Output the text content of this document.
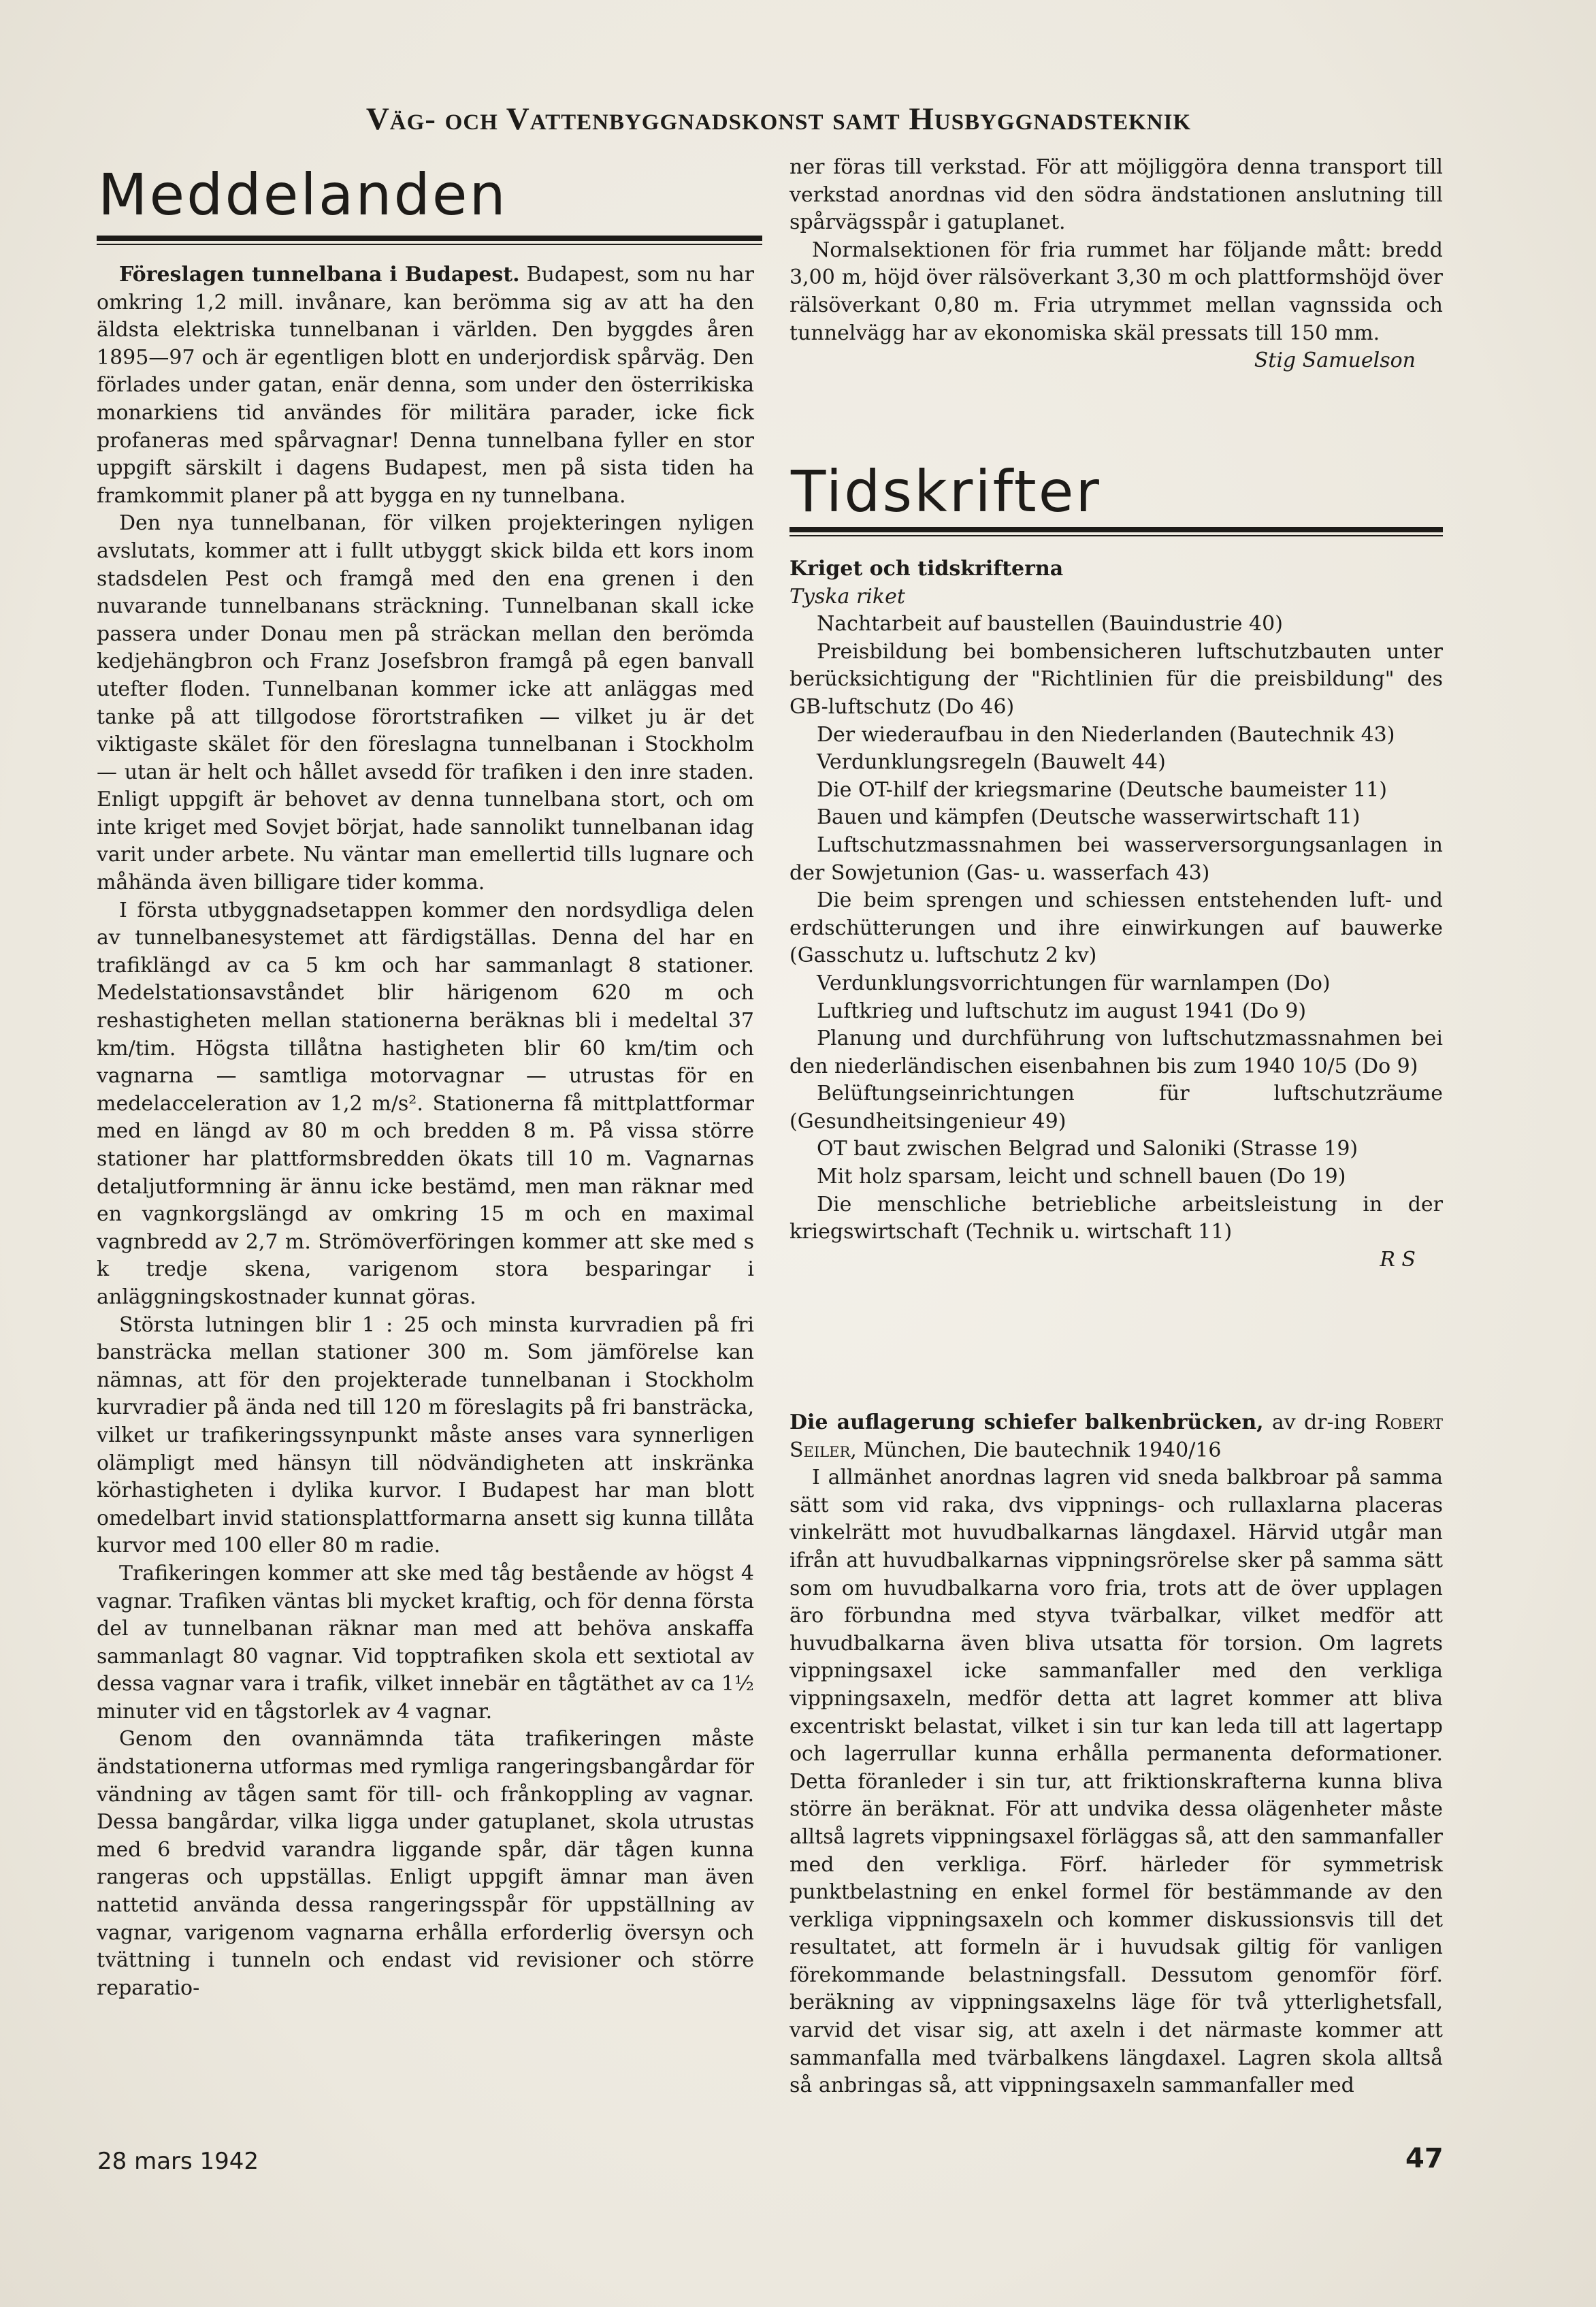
Väg- och Vattenbyggnadskonst samt Husbyggnadsteknik
Meddelanden

Föreslagen tunnelbana i Budapest. Budapest, som nu har omkring 1,2 mill. invånare, kan berömma sig av att ha den äldsta elektriska tunnelbanan i världen. Den byggdes åren 1895—97 och är egentligen blott en underjordisk spårväg. Den förlades under gatan, enär denna, som under den österrikiska monarkiens tid användes för militära parader, icke fick profaneras med spårvagnar! Denna tunnelbana fyller en stor uppgift särskilt i dagens Budapest, men på sista tiden ha framkommit planer på att bygga en ny tunnelbana.

Den nya tunnelbanan, för vilken projekteringen nyligen avslutats, kommer att i fullt utbyggt skick bilda ett kors inom stadsdelen Pest och framgå med den ena grenen i den nuvarande tunnelbanans sträckning. Tunnelbanan skall icke passera under Donau men på sträckan mellan den berömda kedjehängbron och Franz Josefsbron framgå på egen banvall utefter floden. Tunnelbanan kommer icke att anläggas med tanke på att tillgodose förortstrafiken — vilket ju är det viktigaste skälet för den föreslagna tunnelbanan i Stockholm — utan är helt och hållet avsedd för trafiken i den inre staden. Enligt uppgift är behovet av denna tunnelbana stort, och om inte kriget med Sovjet börjat, hade sannolikt tunnelbanan idag varit under arbete. Nu väntar man emellertid tills lugnare och måhända även billigare tider komma.

I första utbyggnadsetappen kommer den nordsydliga delen av tunnelbanesystemet att färdigställas. Denna del har en trafiklängd av ca 5 km och har sammanlagt 8 stationer. Medelstationsavståndet blir härigenom 620 m och reshastigheten mellan stationerna beräknas bli i medeltal 37 km/tim. Högsta tillåtna hastigheten blir 60 km/tim och vagnarna — samtliga motorvagnar — utrustas för en medelacceleration av 1,2 m/s². Stationerna få mittplattformar med en längd av 80 m och bredden 8 m. På vissa större stationer har plattformsbredden ökats till 10 m. Vagnarnas detaljutformning är ännu icke bestämd, men man räknar med en vagnkorgslängd av omkring 15 m och en maximal vagnbredd av 2,7 m. Strömöverföringen kommer att ske med s k tredje skena, varigenom stora besparingar i anläggningskostnader kunnat göras.

Största lutningen blir 1 : 25 och minsta kurvradien på fri bansträcka mellan stationer 300 m. Som jämförelse kan nämnas, att för den projekterade tunnelbanan i Stockholm kurvradier på ända ned till 120 m föreslagits på fri bansträcka, vilket ur trafikeringssynpunkt måste anses vara synnerligen olämpligt med hänsyn till nödvändigheten att inskränka körhastigheten i dylika kurvor. I Budapest har man blott omedelbart invid stationsplattformarna ansett sig kunna tillåta kurvor med 100 eller 80 m radie.

Trafikeringen kommer att ske med tåg bestående av högst 4 vagnar. Trafiken väntas bli mycket kraftig, och för denna första del av tunnelbanan räknar man med att behöva anskaffa sammanlagt 80 vagnar. Vid topptrafiken skola ett sextiotal av dessa vagnar vara i trafik, vilket innebär en tågtäthet av ca 1½ minuter vid en tågstorlek av 4 vagnar.

Genom den ovannämnda täta trafikeringen måste ändstationerna utformas med rymliga rangeringsbangårdar för vändning av tågen samt för till- och frånkoppling av vagnar. Dessa bangårdar, vilka ligga under gatuplanet, skola utrustas med 6 bredvid varandra liggande spår, där tågen kunna rangeras och uppställas. Enligt uppgift ämnar man även nattetid använda dessa rangeringsspår för uppställning av vagnar, varigenom vagnarna erhålla erforderlig översyn och tvättning i tunneln och endast vid revisioner och större reparatio-

ner föras till verkstad. För att möjliggöra denna transport till verkstad anordnas vid den södra ändstationen anslutning till spårvägsspår i gatuplanet.

Normalsektionen för fria rummet har följande mått: bredd 3,00 m, höjd över rälsöverkant 3,30 m och plattformshöjd över rälsöverkant 0,80 m. Fria utrymmet mellan vagnssida och tunnelvägg har av ekonomiska skäl pressats till 150 mm.

Stig Samuelson

Tidskrifter

Kriget och tidskrifterna

Tyska riket

Nachtarbeit auf baustellen (Bauindustrie 40)

Preisbildung bei bombensicheren luftschutzbauten unter berücksichtigung der "Richtlinien für die preisbildung" des GB-luftschutz (Do 46)

Der wiederaufbau in den Niederlanden (Bautechnik 43)

Verdunklungsregeln (Bauwelt 44)

Die OT-hilf der kriegsmarine (Deutsche baumeister 11)

Bauen und kämpfen (Deutsche wasserwirtschaft 11)

Luftschutzmassnahmen bei wasserversorgungsanlagen in der Sowjetunion (Gas- u. wasserfach 43)

Die beim sprengen und schiessen entstehenden luft- und erdschütterungen und ihre einwirkungen auf bauwerke (Gasschutz u. luftschutz 2 kv)

Verdunklungsvorrichtungen für warnlampen (Do)

Luftkrieg und luftschutz im august 1941 (Do 9)

Planung und durchführung von luftschutzmassnahmen bei den niederländischen eisenbahnen bis zum 1940 10/5 (Do 9)

Belüftungseinrichtungen für luftschutzräume (Gesundheitsingenieur 49)

OT baut zwischen Belgrad und Saloniki (Strasse 19)

Mit holz sparsam, leicht und schnell bauen (Do 19)

Die menschliche betriebliche arbeitsleistung in der kriegswirtschaft (Technik u. wirtschaft 11)

R S

Die auflagerung schiefer balkenbrücken, av dr-ing Robert Seiler, München, Die bautechnik 1940/16

I allmänhet anordnas lagren vid sneda balkbroar på samma sätt som vid raka, dvs vippnings- och rullaxlarna placeras vinkelrätt mot huvudbalkarnas längdaxel. Härvid utgår man ifrån att huvudbalkarnas vippningsrörelse sker på samma sätt som om huvudbalkarna voro fria, trots att de över upplagen äro förbundna med styva tvärbalkar, vilket medför att huvudbalkarna även bliva utsatta för torsion. Om lagrets vippningsaxel icke sammanfaller med den verkliga vippningsaxeln, medför detta att lagret kommer att bliva excentriskt belastat, vilket i sin tur kan leda till att lagertapp och lagerrullar kunna erhålla permanenta deformationer. Detta föranleder i sin tur, att friktionskrafterna kunna bliva större än beräknat. För att undvika dessa olägenheter måste alltså lagrets vippningsaxel förläggas så, att den sammanfaller med den verkliga. Förf. härleder för symmetrisk punktbelastning en enkel formel för bestämmande av den verkliga vippningsaxeln och kommer diskussionsvis till det resultatet, att formeln är i huvudsak giltig för vanligen förekommande belastningsfall. Dessutom genomför förf. beräkning av vippningsaxelns läge för två ytterlighetsfall, varvid det visar sig, att axeln i det närmaste kommer att sammanfalla med tvärbalkens längdaxel. Lagren skola alltså så anbringas så, att vippningsaxeln sammanfaller med

28 mars 1942	47
